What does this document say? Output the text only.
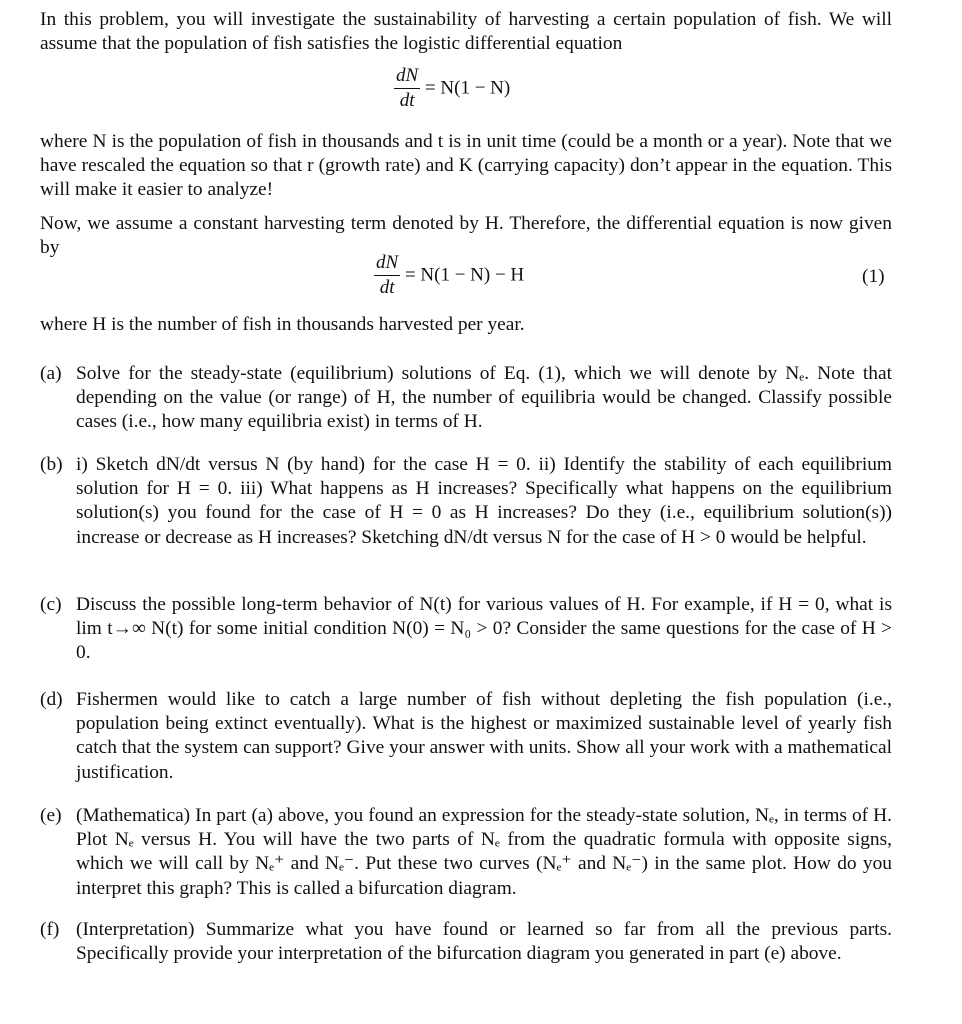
In this problem, you will investigate the sustainability of harvesting a certain population of fish. We will assume that the population of fish satisfies the logistic differential equation

$\frac{dN}{dt} = N(1 - N)$

where N is the population of fish in thousands and t is in unit time (could be a month or a year). Note that we have rescaled the equation so that r (growth rate) and K (carrying capacity) don’t appear in the equation. This will make it easier to analyze!

Now, we assume a constant harvesting term denoted by H. Therefore, the differential equation is now given by

$\frac{dN}{dt} = N(1 - N) - H$	(1)

where H is the number of fish in thousands harvested per year.

(a) Solve for the steady-state (equilibrium) solutions of Eq. (1), which we will denote by Nₑ. Note that depending on the value (or range) of H, the number of equilibria would be changed. Classify possible cases (i.e., how many equilibria exist) in terms of H.
(b) i) Sketch dN/dt versus N (by hand) for the case H = 0. ii) Identify the stability of each equilibrium solution for H = 0. iii) What happens as H increases? Specifically what happens on the equilibrium solution(s) you found for the case of H = 0 as H increases? Do they (i.e., equilibrium solution(s)) increase or decrease as H increases? Sketching dN/dt versus N for the case of H > 0 would be helpful.
(c) Discuss the possible long-term behavior of N(t) for various values of H. For example, if H = 0, what is lim t→∞ N(t) for some initial condition N(0) = N₀ > 0? Consider the same questions for the case of H > 0.
(d) Fishermen would like to catch a large number of fish without depleting the fish population (i.e., population being extinct eventually). What is the highest or maximized sustainable level of yearly fish catch that the system can support? Give your answer with units. Show all your work with a mathematical justification.
(e) (Mathematica) In part (a) above, you found an expression for the steady-state solution, Nₑ, in terms of H. Plot Nₑ versus H. You will have the two parts of Nₑ from the quadratic formula with opposite signs, which we will call by Nₑ⁺ and Nₑ⁻. Put these two curves (Nₑ⁺ and Nₑ⁻) in the same plot. How do you interpret this graph? This is called a bifurcation diagram.
(f) (Interpretation) Summarize what you have found or learned so far from all the previous parts. Specifically provide your interpretation of the bifurcation diagram you generated in part (e) above.
